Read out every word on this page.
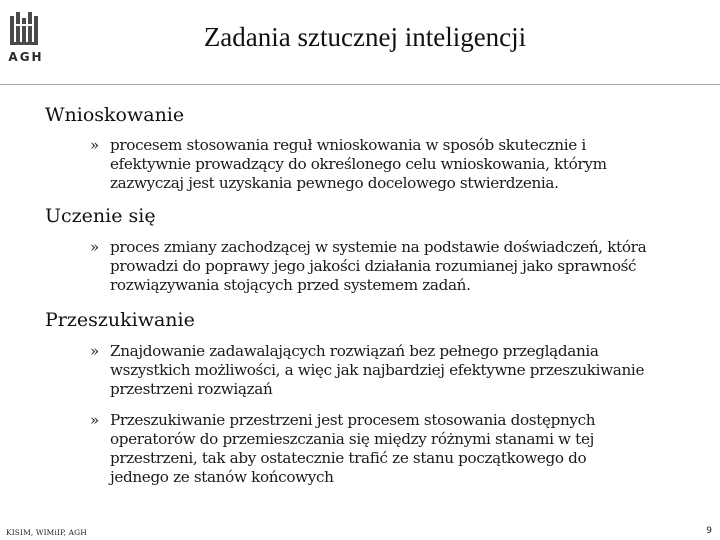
AGH
Zadania sztucznej inteligencji
Wnioskowanie
» procesem stosowania reguł wnioskowania w sposób skutecznie i
efektywnie prowadzący do określonego celu wnioskowania, którym
zazwyczaj jest uzyskania pewnego docelowego stwierdzenia.
Uczenie się
» proces zmiany zachodzącej w systemie na podstawie doświadczeń, która
prowadzi do poprawy jego jakości działania rozumianej jako sprawność
rozwiązywania stojących przed systemem zadań.
Przeszukiwanie
» Znajdowanie zadawalających rozwiązań bez pełnego przeglądania
wszystkich możliwości, a więc jak najbardziej efektywne przeszukiwanie
przestrzeni rozwiązań
» Przeszukiwanie przestrzeni jest procesem stosowania dostępnych
operatorów do przemieszczania się między różnymi stanami w tej
przestrzeni, tak aby ostatecznie trafić ze stanu początkowego do
jednego ze stanów końcowych
KISIM, WIMiIP, AGH	9
